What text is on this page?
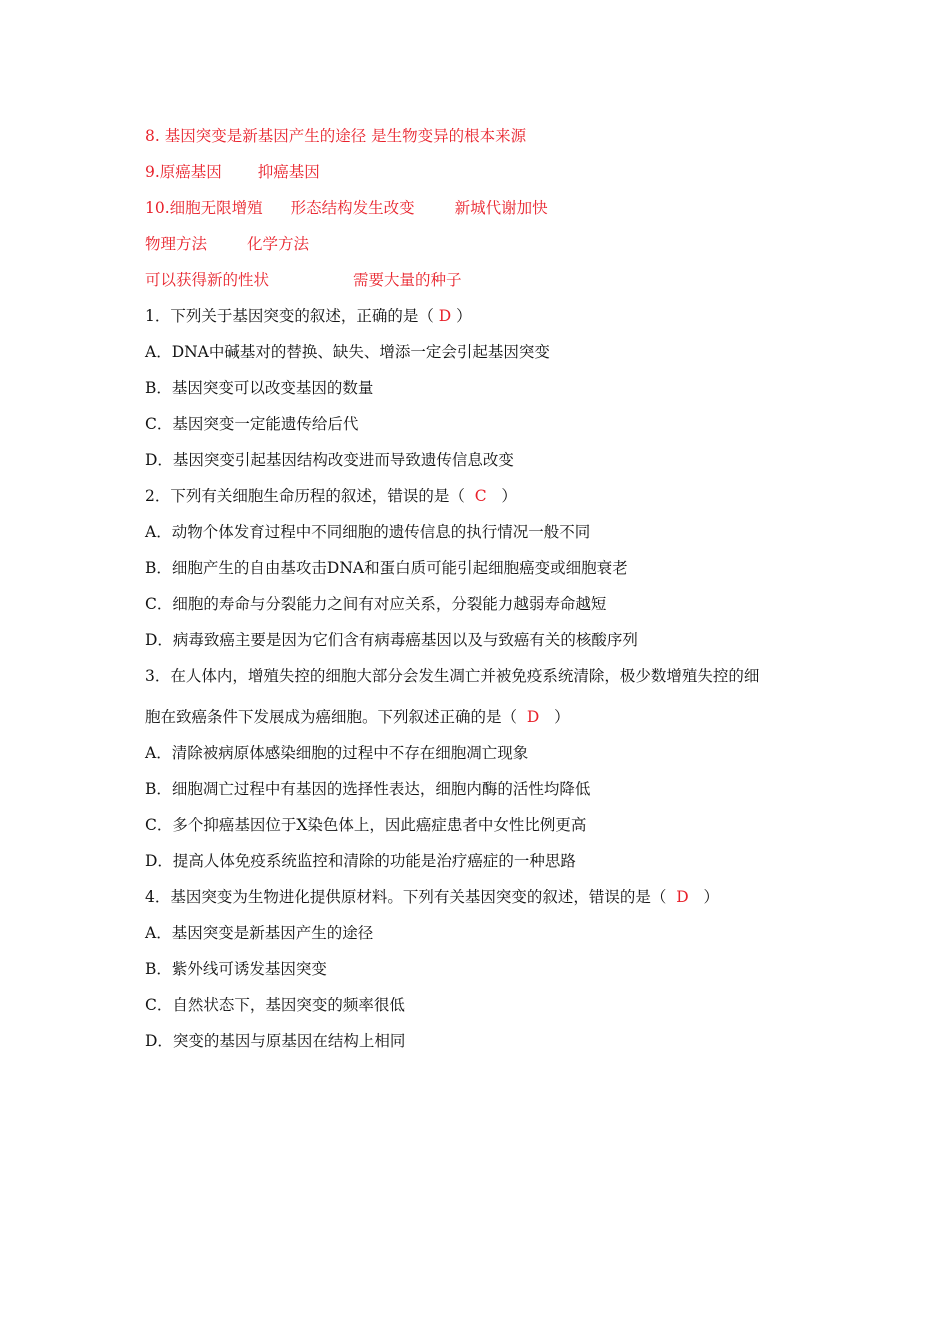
8. 基因突变是新基因产生的途径 是生物变异的根本来源
9.原癌基因 抑癌基因
10.细胞无限增殖 形态结构发生改变	新城代谢加快
物理方法	化学方法
可以获得新的性状	需要大量的种子
1．下列关于基因突变的叙述，正确的是（ D ）
A．DNA中碱基对的替换、缺失、增添一定会引起基因突变
B．基因突变可以改变基因的数量
C．基因突变一定能遗传给后代
D．基因突变引起基因结构改变进而导致遗传信息改变
2．下列有关细胞生命历程的叙述，错误的是（  C   ）
A．动物个体发育过程中不同细胞的遗传信息的执行情况一般不同
B．细胞产生的自由基攻击DNA和蛋白质可能引起细胞癌变或细胞衰老
C．细胞的寿命与分裂能力之间有对应关系，分裂能力越弱寿命越短
D．病毒致癌主要是因为它们含有病毒癌基因以及与致癌有关的核酸序列
3．在人体内，增殖失控的细胞大部分会发生凋亡并被免疫系统清除，极少数增殖失控的细
胞在致癌条件下发展成为癌细胞。下列叙述正确的是（  D   ）
A．清除被病原体感染细胞的过程中不存在细胞凋亡现象
B．细胞凋亡过程中有基因的选择性表达，细胞内酶的活性均降低
C．多个抑癌基因位于X染色体上，因此癌症患者中女性比例更高
D．提高人体免疫系统监控和清除的功能是治疗癌症的一种思路
4．基因突变为生物进化提供原材料。下列有关基因突变的叙述，错误的是（  D   ）
A．基因突变是新基因产生的途径
B．紫外线可诱发基因突变
C．自然状态下，基因突变的频率很低
D．突变的基因与原基因在结构上相同
